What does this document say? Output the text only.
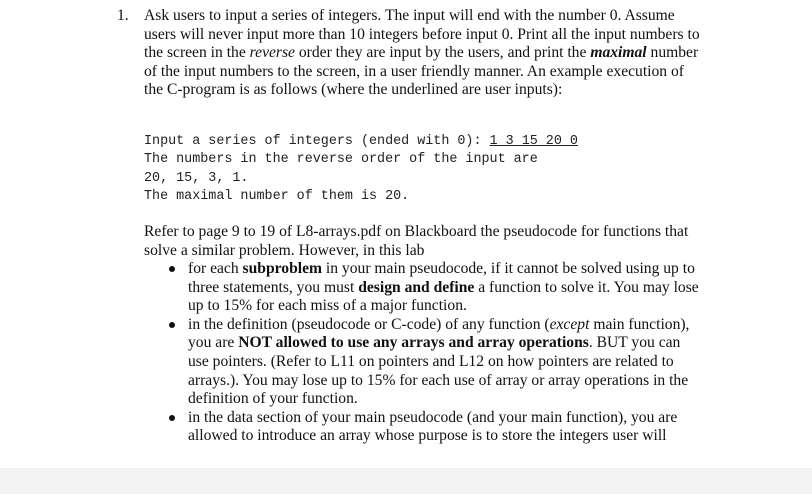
1. Ask users to input a series of integers. The input will end with the number 0. Assume users will never input more than 10 integers before input 0. Print all the input numbers to the screen in the reverse order they are input by the users, and print the maximal number of the input numbers to the screen, in a user friendly manner. An example execution of the C-program is as follows (where the underlined are user inputs):

Input a series of integers (ended with 0): 1 3 15 20 0
The numbers in the reverse order of the input are
20, 15, 3, 1.
The maximal number of them is 20.

Refer to page 9 to 19 of L8-arrays.pdf on Blackboard the pseudocode for functions that solve a similar problem. However, in this lab

for each subproblem in your main pseudocode, if it cannot be solved using up to three statements, you must design and define a function to solve it. You may lose up to 15% for each miss of a major function.
in the definition (pseudocode or C-code) of any function (except main function), you are NOT allowed to use any arrays and array operations. BUT you can use pointers. (Refer to L11 on pointers and L12 on how pointers are related to arrays.). You may lose up to 15% for each use of array or array operations in the definition of your function.
in the data section of your main pseudocode (and your main function), you are allowed to introduce an array whose purpose is to store the integers user will
